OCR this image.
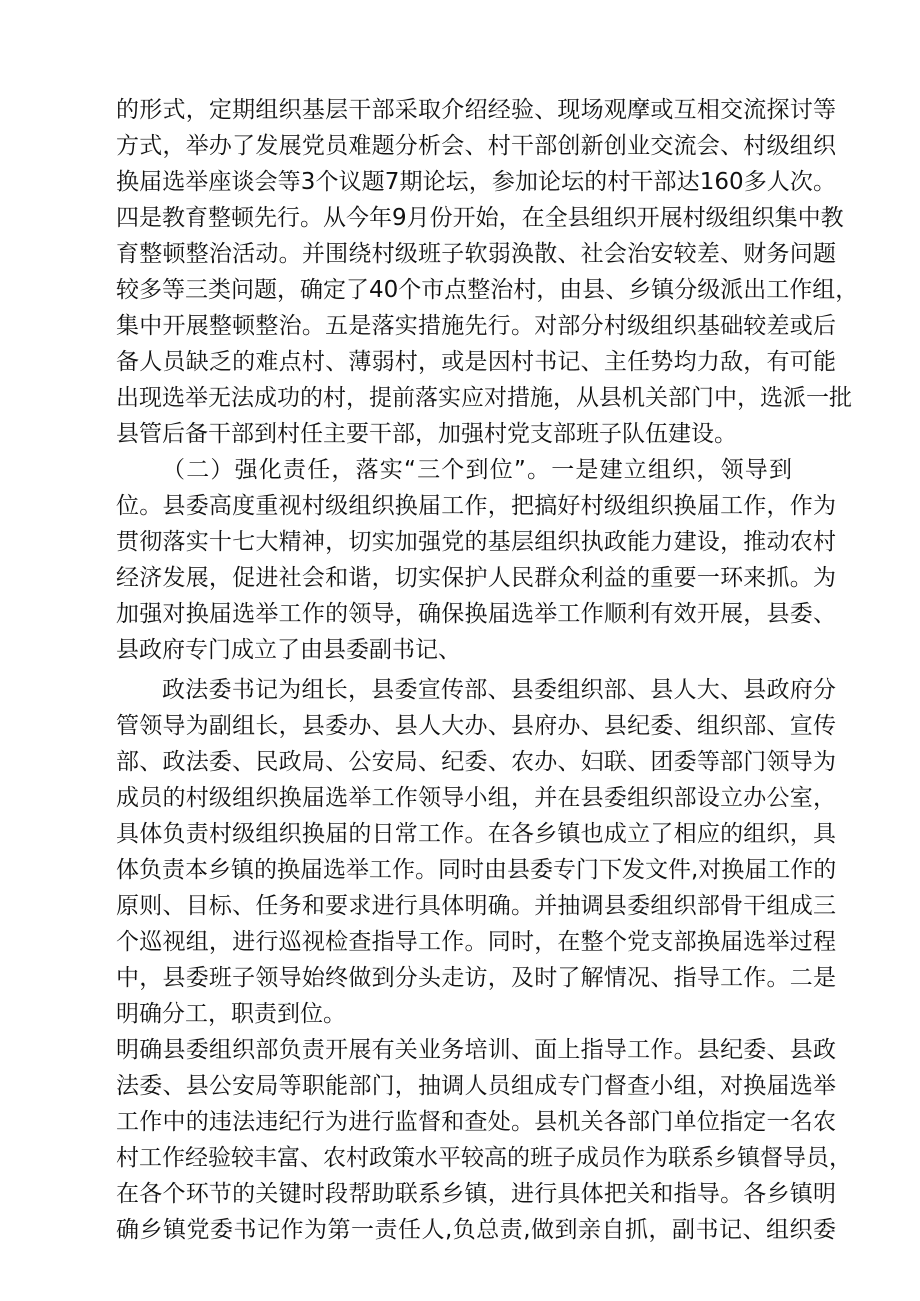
的形式，定期组织基层干部采取介绍经验、现场观摩或互相交流探讨等
方式，举办了发展党员难题分析会、村干部创新创业交流会、村级组织
换届选举座谈会等3个议题7期论坛，参加论坛的村干部达160多人次。
四是教育整顿先行。从今年9月份开始，在全县组织开展村级组织集中教
育整顿整治活动。并围绕村级班子软弱涣散、社会治安较差、财务问题
较多等三类问题，确定了40个市点整治村，由县、乡镇分级派出工作组，
集中开展整顿整治。五是落实措施先行。对部分村级组织基础较差或后
备人员缺乏的难点村、薄弱村，或是因村书记、主任势均力敌，有可能
出现选举无法成功的村，提前落实应对措施，从县机关部门中，选派一批
县管后备干部到村任主要干部，加强村党支部班子队伍建设。
（二）强化责任，落实“三个到位”。一是建立组织，领导到
位。县委高度重视村级组织换届工作，把搞好村级组织换届工作，作为
贯彻落实十七大精神，切实加强党的基层组织执政能力建设，推动农村
经济发展，促进社会和谐，切实保护人民群众利益的重要一环来抓。为
加强对换届选举工作的领导，确保换届选举工作顺利有效开展，县委、
县政府专门成立了由县委副书记、
政法委书记为组长，县委宣传部、县委组织部、县人大、县政府分
管领导为副组长，县委办、县人大办、县府办、县纪委、组织部、宣传
部、政法委、民政局、公安局、纪委、农办、妇联、团委等部门领导为
成员的村级组织换届选举工作领导小组，并在县委组织部设立办公室，
具体负责村级组织换届的日常工作。在各乡镇也成立了相应的组织，具
体负责本乡镇的换届选举工作。同时由县委专门下发文件,对换届工作的
原则、目标、任务和要求进行具体明确。并抽调县委组织部骨干组成三
个巡视组，进行巡视检查指导工作。同时，在整个党支部换届选举过程
中，县委班子领导始终做到分头走访，及时了解情况、指导工作。二是
明确分工，职责到位。
明确县委组织部负责开展有关业务培训、面上指导工作。县纪委、县政
法委、县公安局等职能部门，抽调人员组成专门督查小组，对换届选举
工作中的违法违纪行为进行监督和查处。县机关各部门单位指定一名农
村工作经验较丰富、农村政策水平较高的班子成员作为联系乡镇督导员，
在各个环节的关键时段帮助联系乡镇，进行具体把关和指导。各乡镇明
确乡镇党委书记作为第一责任人,负总责,做到亲自抓，副书记、组织委
